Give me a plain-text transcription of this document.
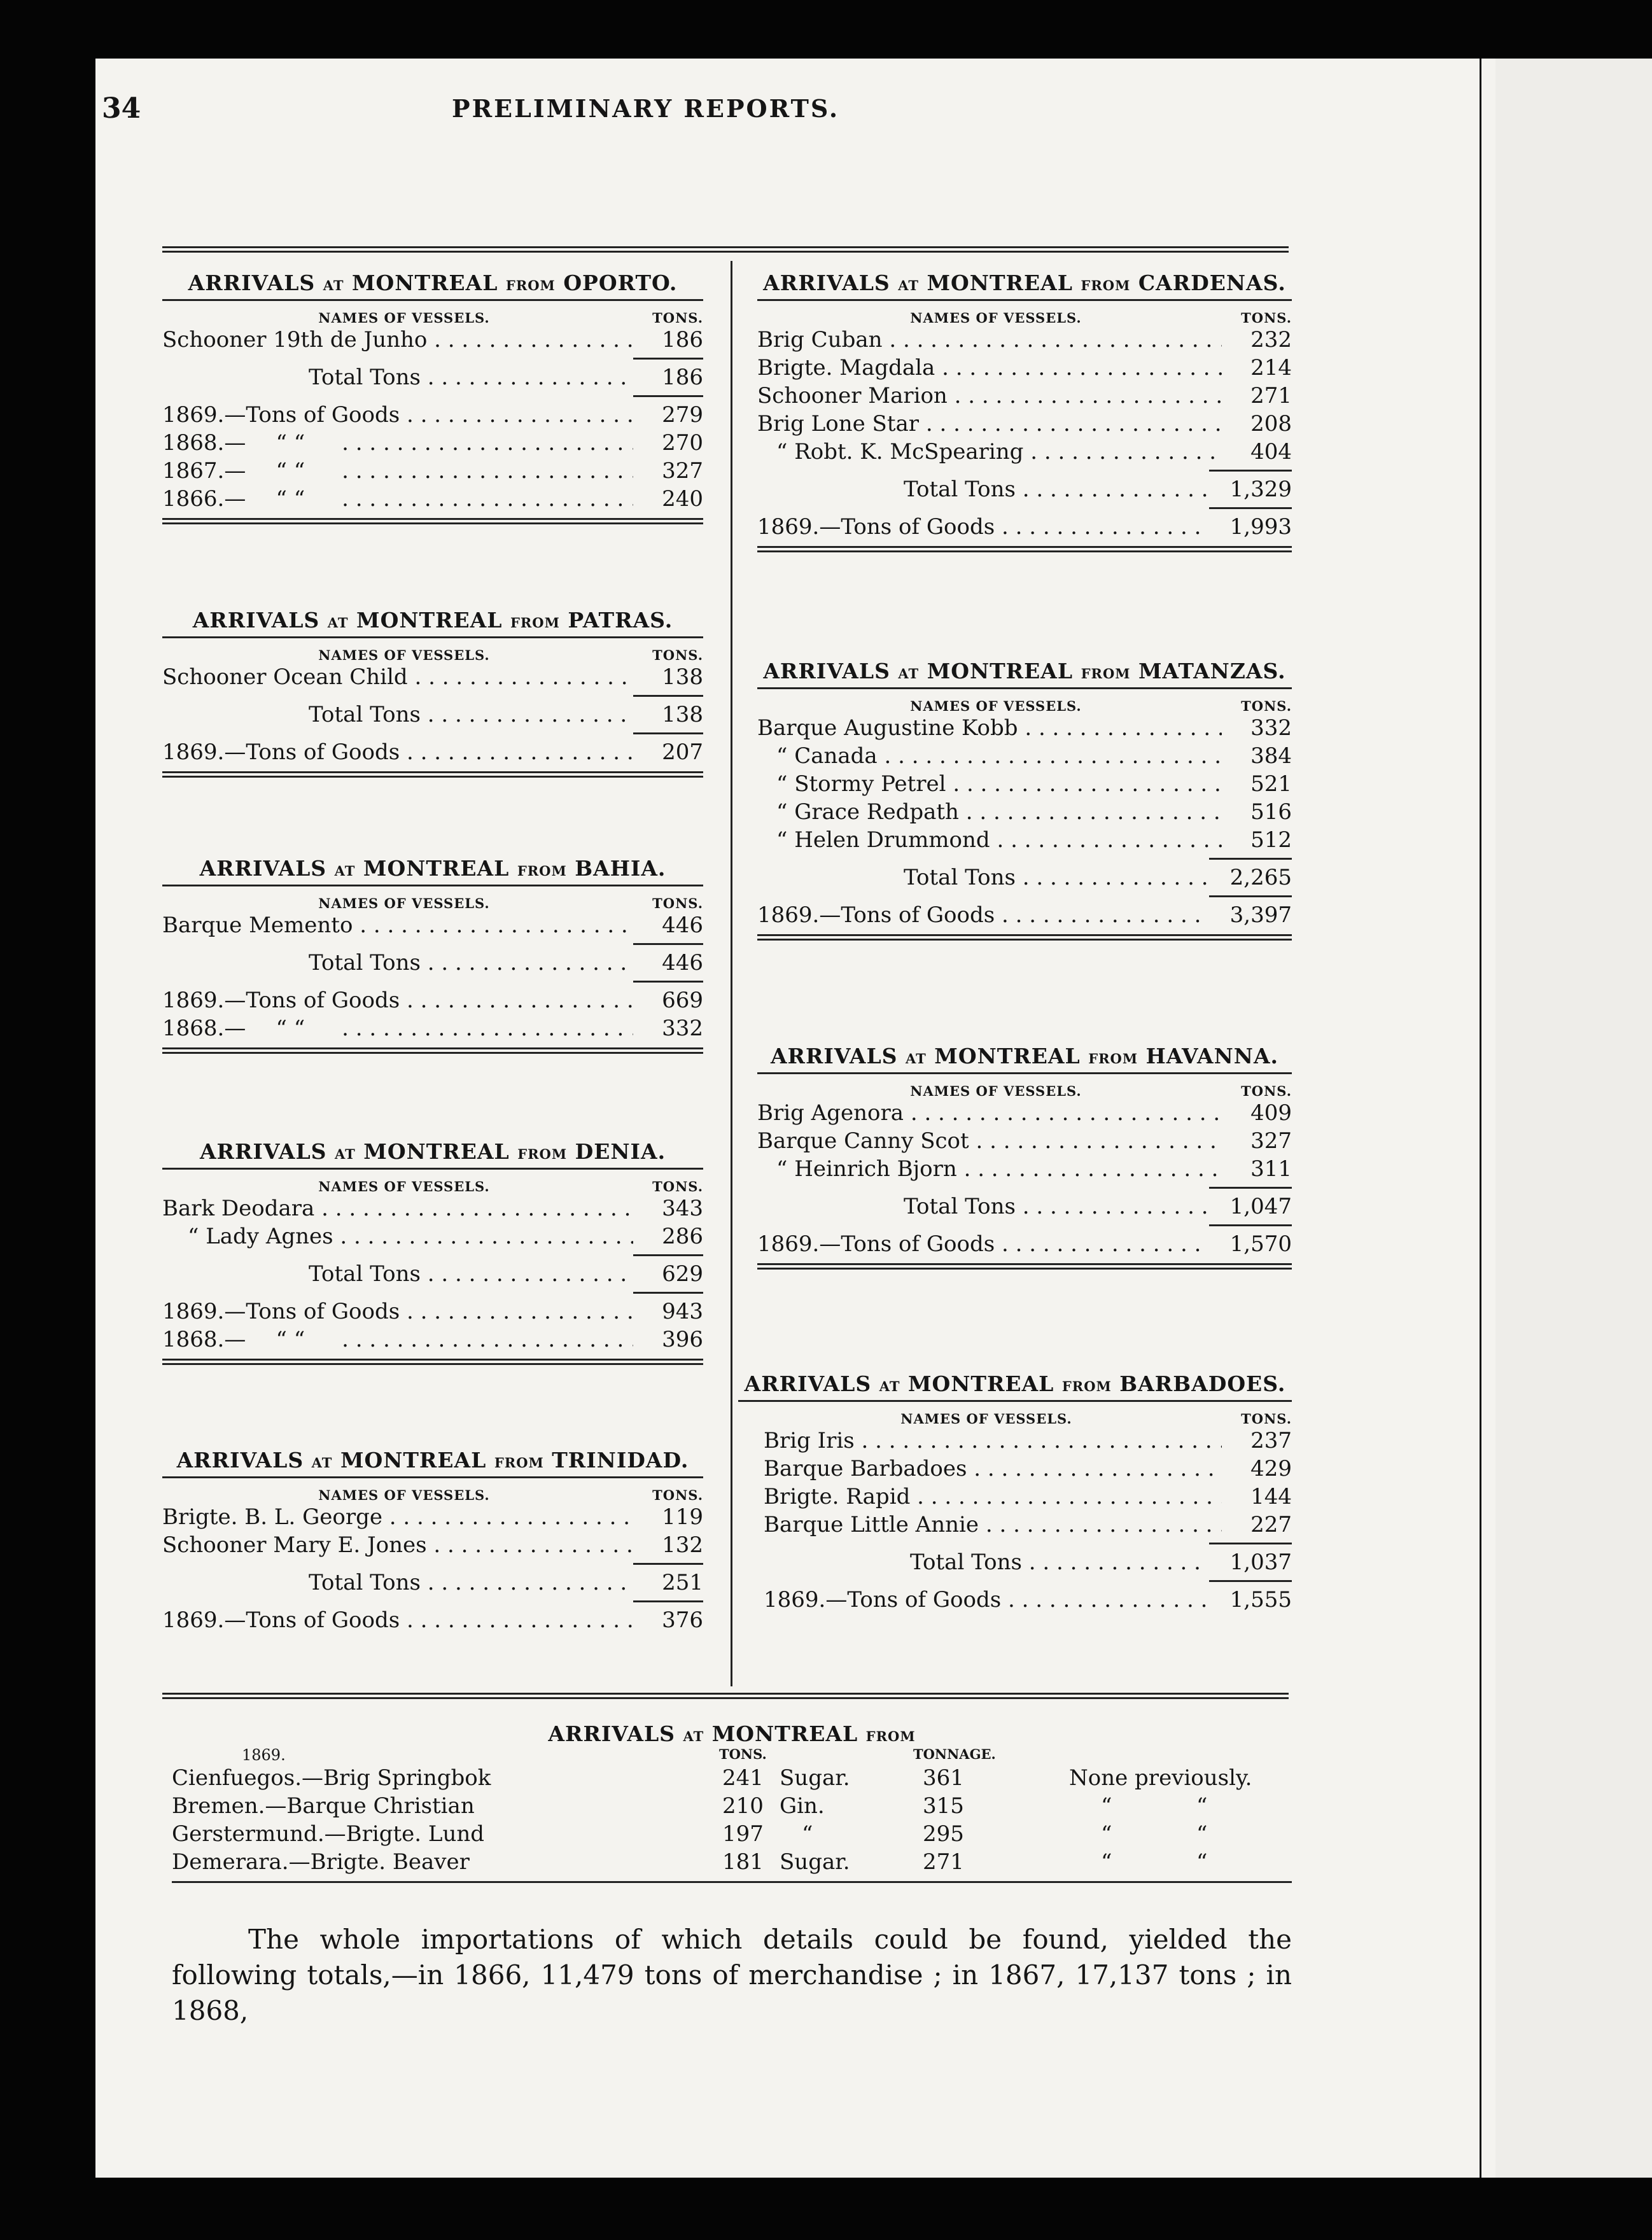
34	PRELIMINARY REPORTS.
ARRIVALS AT MONTREAL FROM OPORTO.
NAMES OF VESSELS.	TONS.
Schooner 19th de Junho . . .	186
Total Tons . . .	186
1869.—Tons of Goods . . .	279
1868.— “ “ . . .	270
1867.— “ “ . . .	327
1866.— “ “ . . .	240
ARRIVALS AT MONTREAL FROM PATRAS.
NAMES OF VESSELS.	TONS.
Schooner Ocean Child . . .	138
Total Tons . . .	138
1869.—Tons of Goods . . .	207
ARRIVALS AT MONTREAL FROM BAHIA.
NAMES OF VESSELS.	TONS.
Barque Memento . . .	446
Total Tons . . .	446
1869.—Tons of Goods . . .	669
1868.— “ “ . . .	332
ARRIVALS AT MONTREAL FROM DENIA.
NAMES OF VESSELS.	TONS.
Bark Deodara . . .	343
“ Lady Agnes . . .	286
Total Tons . . .	629
1869.—Tons of Goods . . .	943
1868.— “ “ . . .	396
ARRIVALS AT MONTREAL FROM TRINIDAD.
NAMES OF VESSELS.	TONS.
Brigte. B. L. George . . .	119
Schooner Mary E. Jones . . .	132
Total Tons . . .	251
1869.—Tons of Goods . . .	376
ARRIVALS AT MONTREAL FROM CARDENAS.
NAMES OF VESSELS.	TONS.
Brig Cuban . . .	232
Brigte. Magdala . . .	214
Schooner Marion . . .	271
Brig Lone Star . . .	208
“ Robt. K. McSpearing . . .	404
Total Tons . . .	1,329
1869.—Tons of Goods . . .	1,993
ARRIVALS AT MONTREAL FROM MATANZAS.
NAMES OF VESSELS.	TONS.
Barque Augustine Kobb . . .	332
“ Canada . . .	384
“ Stormy Petrel . . .	521
“ Grace Redpath . . .	516
“ Helen Drummond . . .	512
Total Tons . . .	2,265
1869.—Tons of Goods . . .	3,397
ARRIVALS AT MONTREAL FROM HAVANNA.
NAMES OF VESSELS.	TONS.
Brig Agenora . . .	409
Barque Canny Scot . . .	327
“ Heinrich Bjorn . . .	311
Total Tons . . .	1,047
1869.—Tons of Goods . . .	1,570
ARRIVALS AT MONTREAL FROM BARBADOES.
NAMES OF VESSELS.	TONS.
Brig Iris . . .	237
Barque Barbadoes . . .	429
Brigte. Rapid . . .	144
Barque Little Annie . . .	227
Total Tons . . .	1,037
1869.—Tons of Goods . . .	1,555
ARRIVALS AT MONTREAL FROM
1869.	TONS.	TONNAGE.
Cienfuegos.—Brig Springbok	241 Sugar.	361	None previously.
Bremen.—Barque Christian	210 Gin.	315	“	“
Gerstermund.—Brigte. Lund	197 “	295	“	“
Demerara.—Brigte. Beaver	181 Sugar.	271	“	“
The whole importations of which details could be found, yielded the following totals,—in 1866, 11,479 tons of merchandise ; in 1867, 17,137 tons ; in 1868,
